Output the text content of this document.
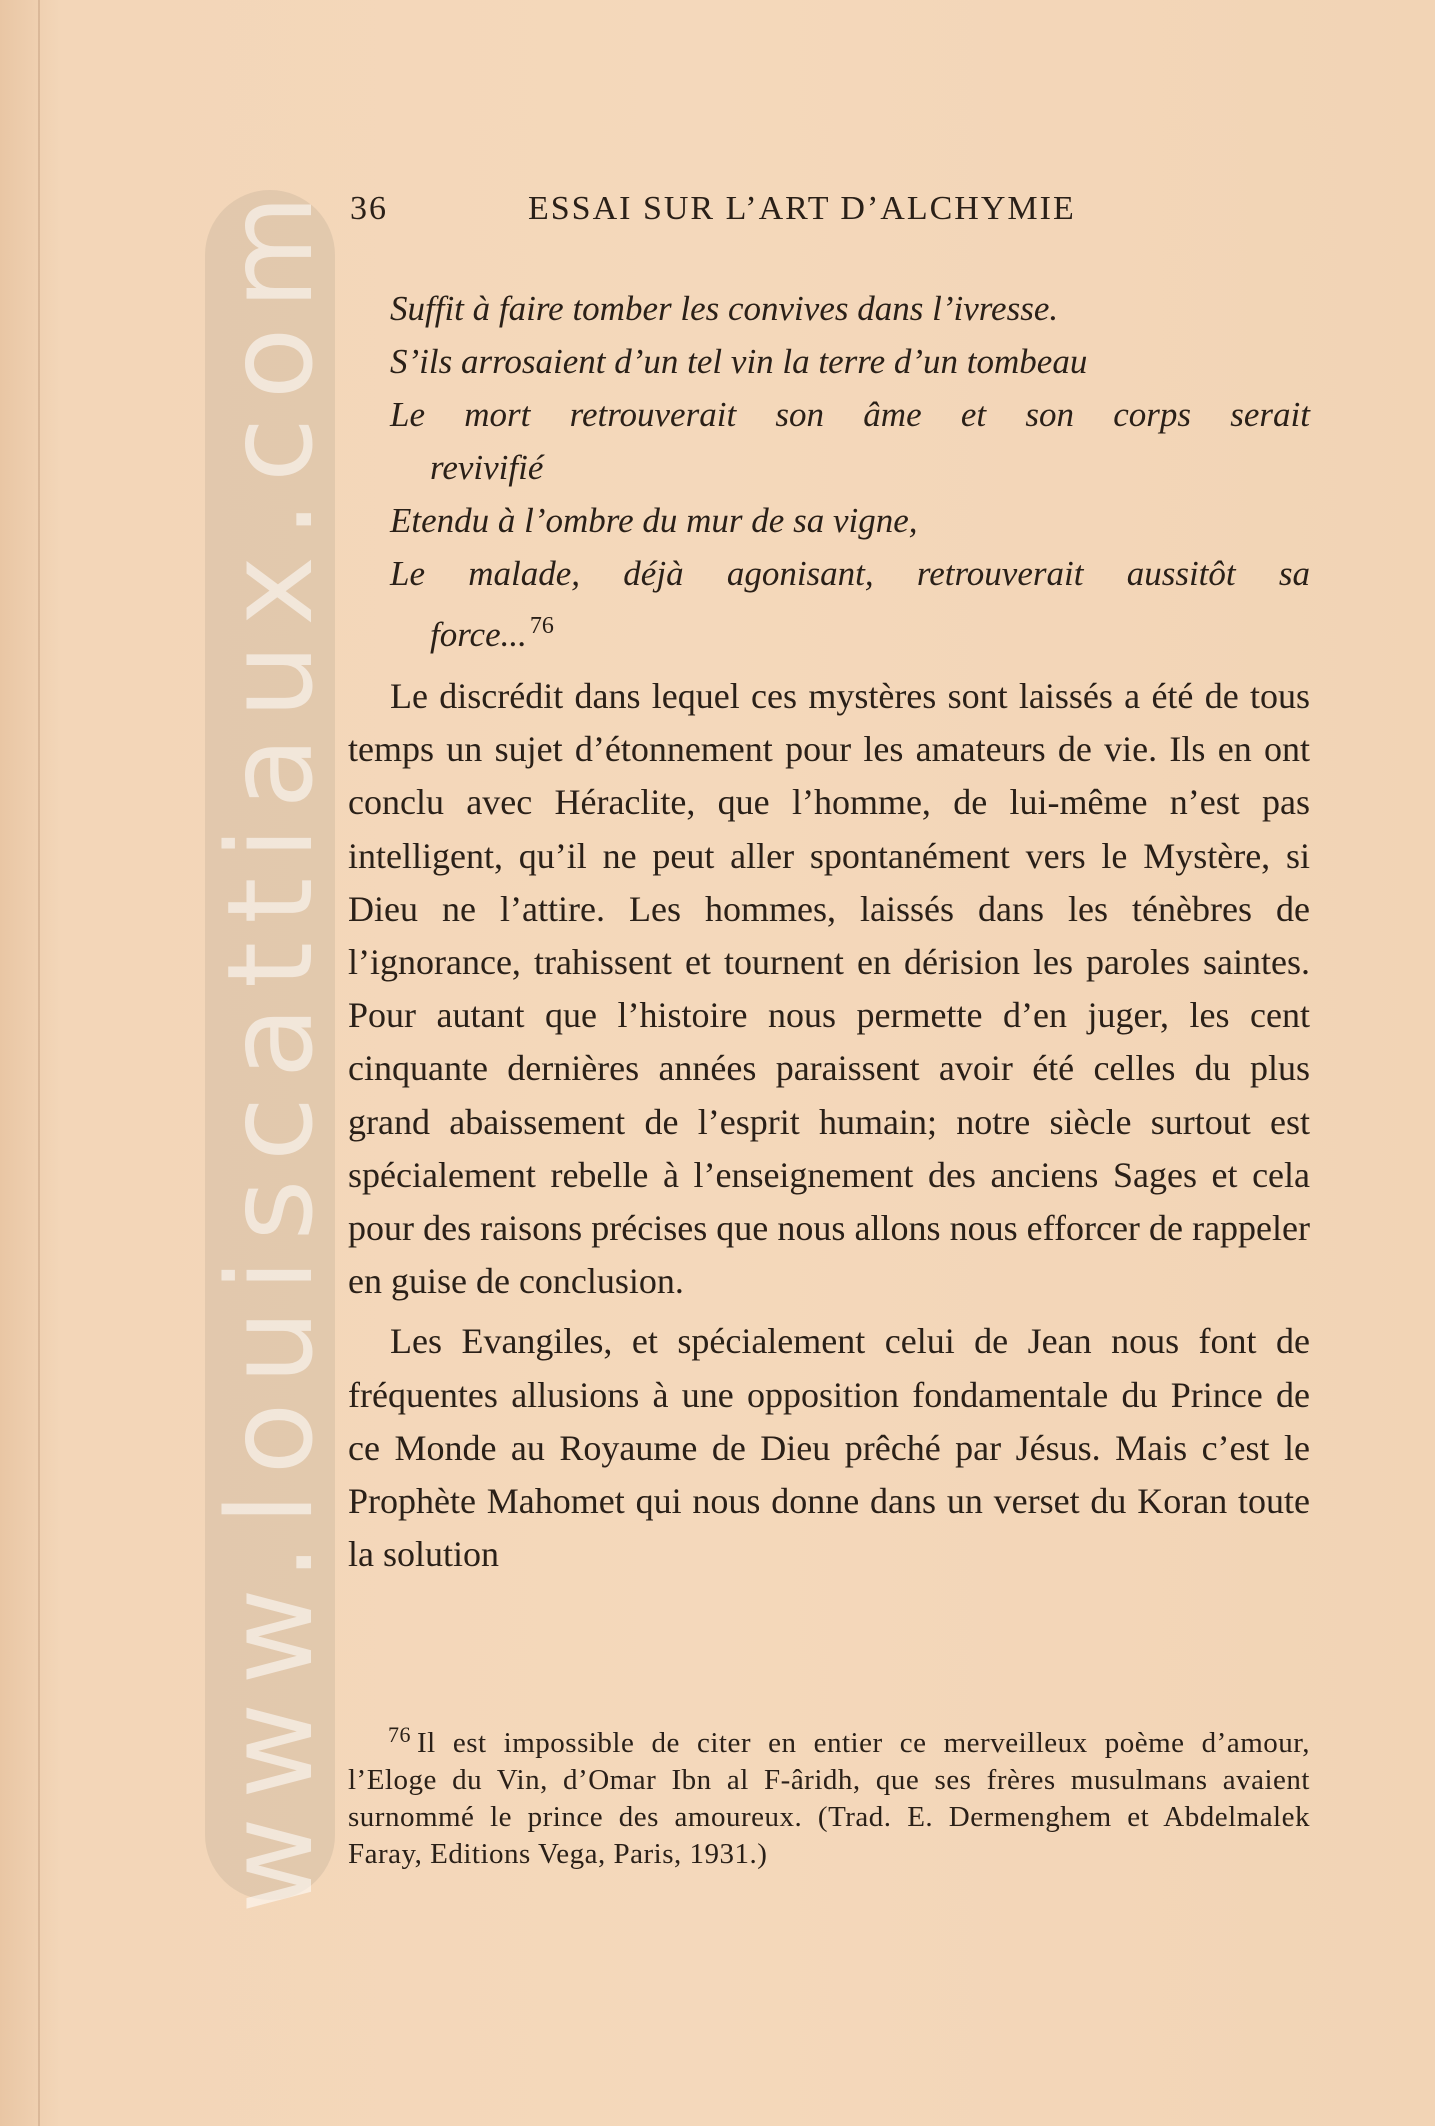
www.louiscattiaux.com 36	ESSAI SUR L’ART D’ALCHYMIE
Suffit à faire tomber les convives dans l’ivresse.
S’ils arrosaient d’un tel vin la terre d’un tombeau
Le mort retrouverait son âme et son corps serait
revivifié
Etendu à l’ombre du mur de sa vigne,
Le malade, déjà agonisant, retrouverait aussitôt sa
force... $^{76}$

Le discrédit dans lequel ces mystères sont laissés a été de tous temps un sujet d’étonnement pour les amateurs de vie. Ils en ont conclu avec Héraclite, que l’homme, de lui-même n’est pas intelligent, qu’il ne peut aller spontanément vers le Mystère, si Dieu ne l’attire. Les hommes, laissés dans les ténèbres de l’ignorance, trahissent et tournent en dérision les paroles saintes. Pour autant que l’histoire nous permette d’en juger, les cent cinquante dernières années paraissent avoir été celles du plus grand abaissement de l’esprit humain; notre siècle surtout est spécialement rebelle à l’enseignement des anciens Sages et cela pour des raisons précises que nous allons nous efforcer de rappeler en guise de conclusion.

Les Evangiles, et spécialement celui de Jean nous font de fréquentes allusions à une opposition fondamentale du Prince de ce Monde au Royaume de Dieu prêché par Jésus. Mais c’est le Prophète Mahomet qui nous donne dans un verset du Koran toute la solution

$^{76}$ Il est impossible de citer en entier ce merveilleux poème d’amour, l’Eloge du Vin, d’Omar Ibn al F-âridh, que ses frères musulmans avaient surnommé le prince des amoureux. (Trad. E. Dermenghem et Abdelmalek Faray, Editions Vega, Paris, 1931.)
